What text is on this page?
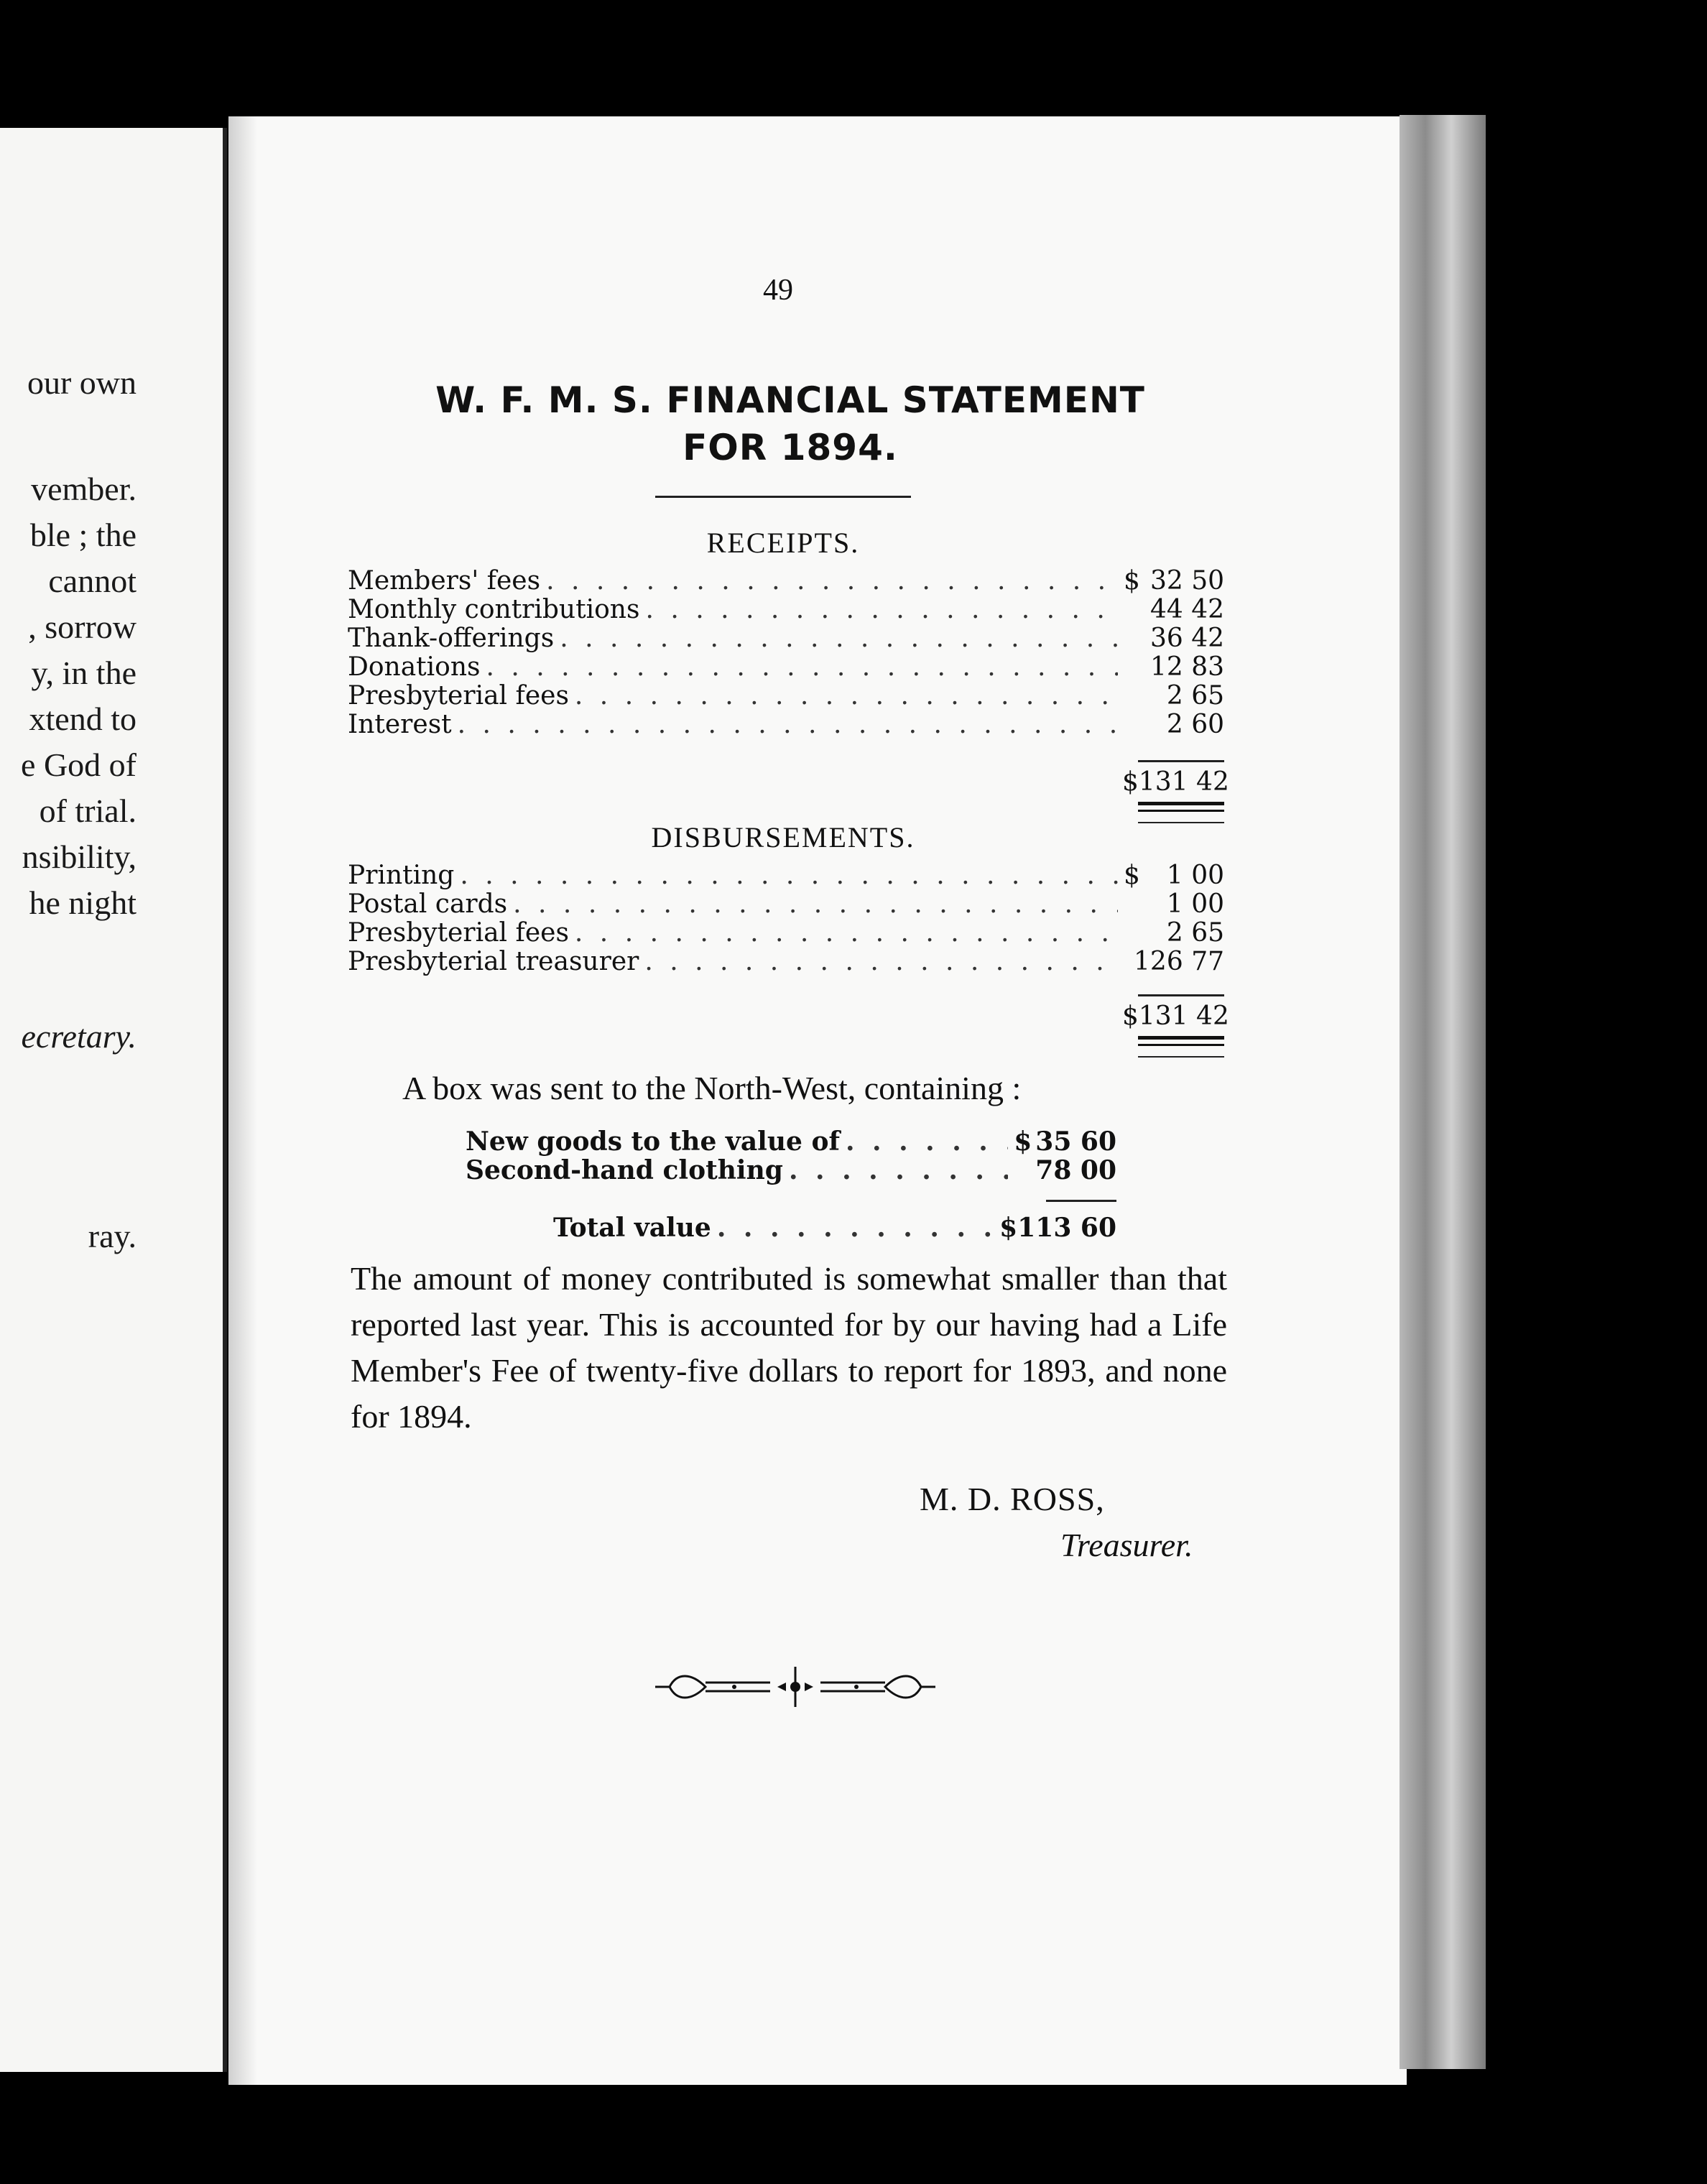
our own
vember.
ble ; the
cannot
, sorrow
y, in the
xtend to
e God of
of trial.
nsibility,
he night
ecretary.
ray.
49
W. F. M. S. FINANCIAL STATEMENT
FOR 1894.
RECEIPTS.
Members' fees . . .	$ 32 50
Monthly contributions . . .	44 42
Thank-offerings . . .	36 42
Donations . . .	12 83
Presbyterial fees . . .	2 65
Interest . . .	2 60
$131 42
DISBURSEMENTS.
Printing . . .	$	1 00
Postal cards . . .	1 00
Presbyterial fees . . .	2 65
Presbyterial treasurer . . .	126 77
$131 42
A box was sent to the North-West, containing :
New goods to the value of . . .	$ 35 60
Second-hand clothing . . .	78 00
Total value . . .	$113 60
The amount of money contributed is somewhat smaller than that reported last year. This is accounted for by our having had a Life Member's Fee of twenty-five dollars to report for 1893, and none for 1894.
M. D. ROSS,
Treasurer.
